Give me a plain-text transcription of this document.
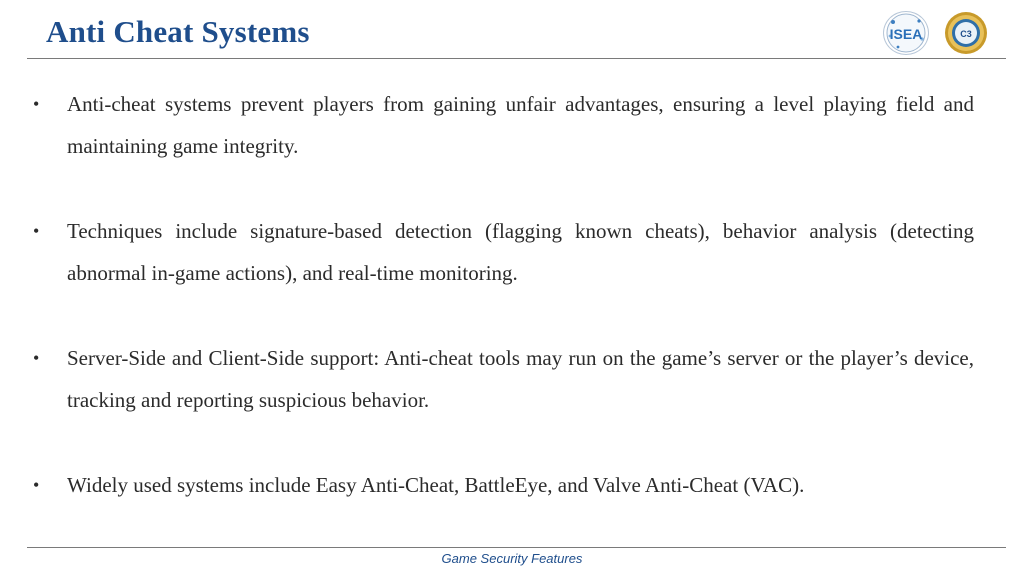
Anti Cheat Systems	ISEA	C3
• Anti-cheat systems prevent players from gaining unfair advantages, ensuring a level playing field and maintaining game integrity.
• Techniques include signature-based detection (flagging known cheats), behavior analysis (detecting abnormal in-game actions), and real-time monitoring.
• Server-Side and Client-Side support: Anti-cheat tools may run on the game’s server or the player’s device, tracking and reporting suspicious behavior.
• Widely used systems include Easy Anti-Cheat, BattleEye, and Valve Anti-Cheat (VAC).
Game Security Features
